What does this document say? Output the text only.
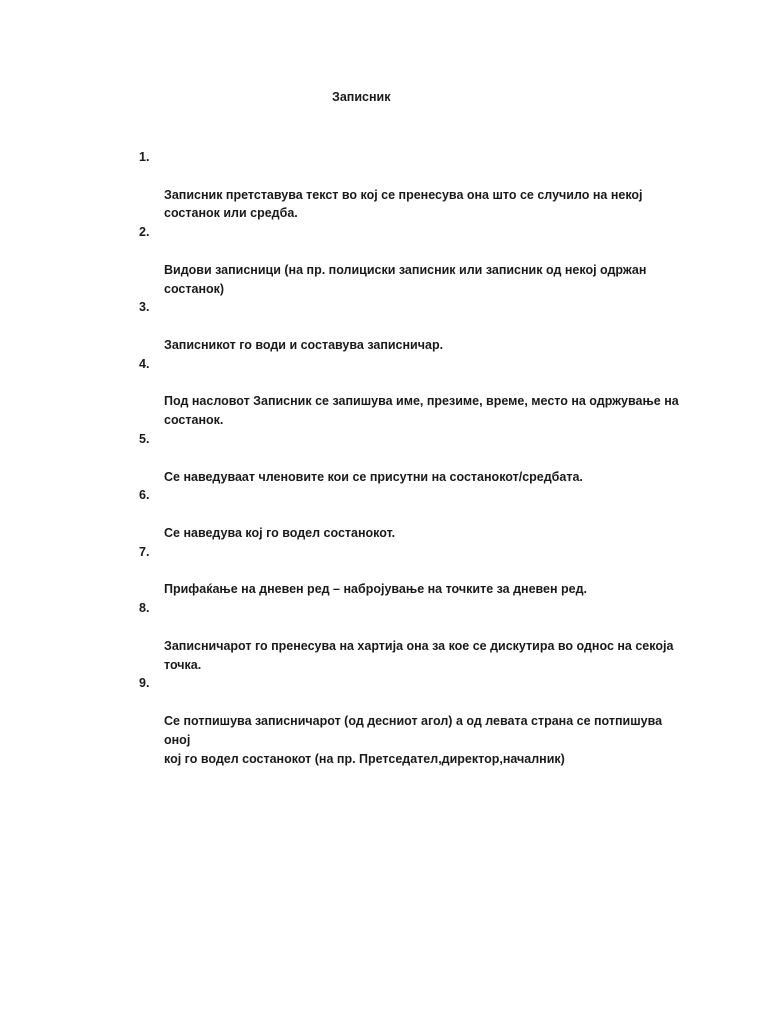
Записник

1.

Записник претставува текст во кој се пренесува она што се случило на некој
состанок или средба.

2.

Видови записници (на пр. полициски записник или записник од некој одржан
состанок)

3.

Записникот го води и составува записничар.

4.

Под насловот Записник се запишува име, презиме, време, место на одржување на
состанок.

5.

Се наведуваат членовите кои се присутни на состанокот/средбата.

6.

Се наведува кој го водел состанокот.

7.

Прифаќање на дневен ред – набројување на точките за дневен ред.

8.

Записничарот го пренесува на хартија она за кое се дискутира во однос на секоја
точка.

9.

Се потпишува записничарот (од десниот агол) а од левата страна се потпишува оној
кој го водел состанокот (на пр. Претседател,директор,началник)
